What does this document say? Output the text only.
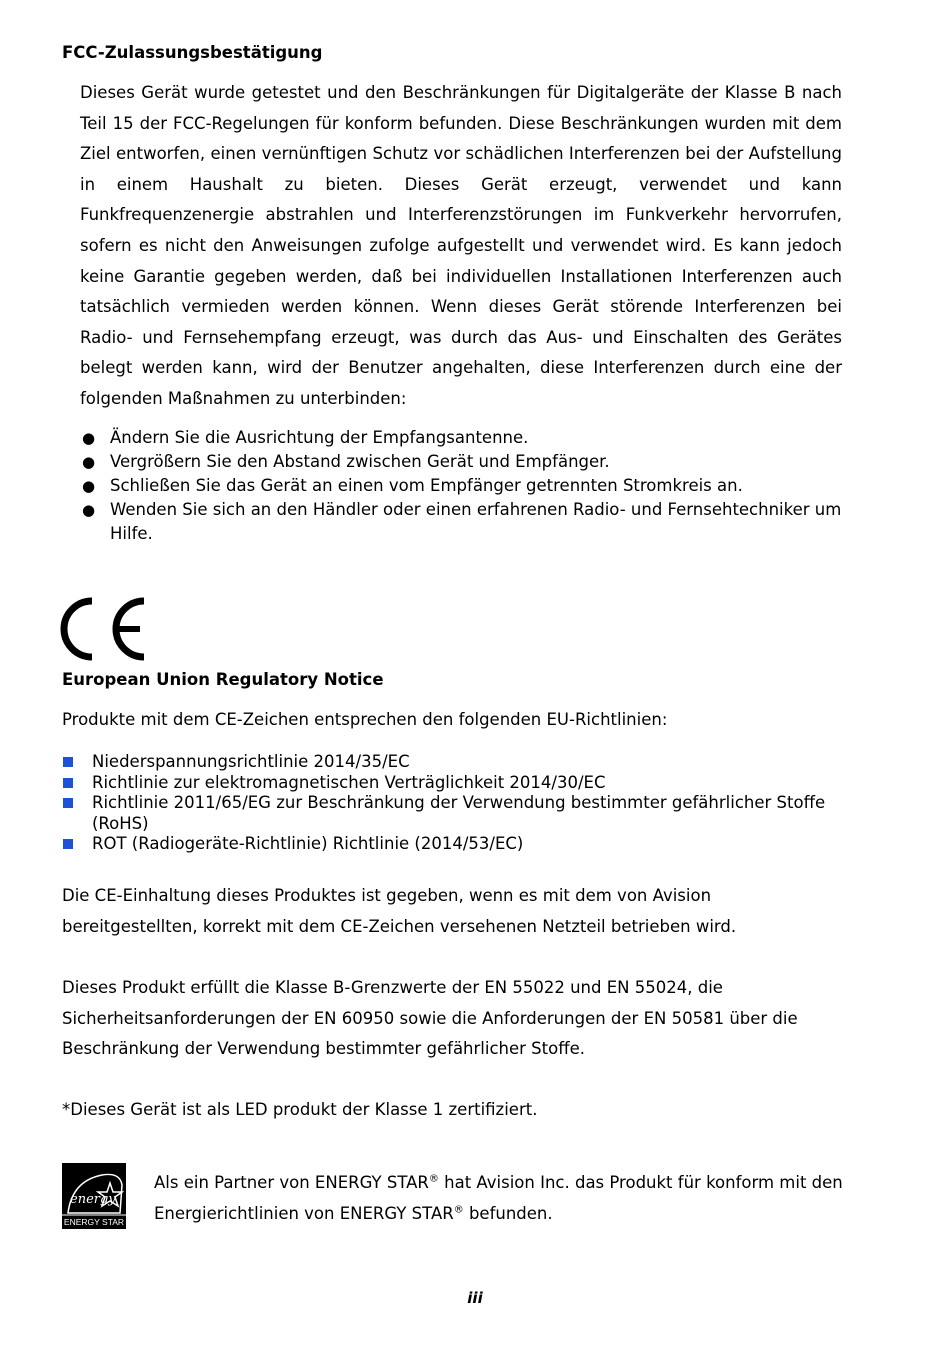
FCC-Zulassungsbestätigung
Dieses Gerät wurde getestet und den Beschränkungen für Digitalgeräte der Klasse B nach Teil 15 der FCC-Regelungen für konform befunden. Diese Beschränkungen wurden mit dem Ziel entworfen, einen vernünftigen Schutz vor schädlichen Interferenzen bei der Aufstellung in einem Haushalt zu bieten. Dieses Gerät erzeugt, verwendet und kann Funkfrequenzenergie abstrahlen und Interferenzstörungen im Funkverkehr hervorrufen, sofern es nicht den Anweisungen zufolge aufgestellt und verwendet wird. Es kann jedoch keine Garantie gegeben werden, daß bei individuellen Installationen Interferenzen auch tatsächlich vermieden werden können. Wenn dieses Gerät störende Interferenzen bei Radio- und Fernsehempfang erzeugt, was durch das Aus- und Einschalten des Gerätes belegt werden kann, wird der Benutzer angehalten, diese Interferenzen durch eine der folgenden Maßnahmen zu unterbinden:
● Ändern Sie die Ausrichtung der Empfangsantenne.
● Vergrößern Sie den Abstand zwischen Gerät und Empfänger.
● Schließen Sie das Gerät an einen vom Empfänger getrennten Stromkreis an.
● Wenden Sie sich an den Händler oder einen erfahrenen Radio- und Fernsehtechniker um Hilfe.
European Union Regulatory Notice
Produkte mit dem CE-Zeichen entsprechen den folgenden EU-Richtlinien:
Niederspannungsrichtlinie 2014/35/EC
Richtlinie zur elektromagnetischen Verträglichkeit 2014/30/EC
Richtlinie 2011/65/EG zur Beschränkung der Verwendung bestimmter gefährlicher Stoffe (RoHS)
ROT (Radiogeräte-Richtlinie) Richtlinie (2014/53/EC)
Die CE-Einhaltung dieses Produktes ist gegeben, wenn es mit dem von Avision bereitgestellten, korrekt mit dem CE-Zeichen versehenen Netzteil betrieben wird.
Dieses Produkt erfüllt die Klasse B-Grenzwerte der EN 55022 und EN 55024, die Sicherheitsanforderungen der EN 60950 sowie die Anforderungen der EN 50581 über die Beschränkung der Verwendung bestimmter gefährlicher Stoffe.
*Dieses Gerät ist als LED produkt der Klasse 1 zertifiziert.
energy
ENERGY STAR
Als ein Partner von ENERGY STAR® hat Avision Inc. das Produkt für konform mit den Energierichtlinien von ENERGY STAR® befunden.
iii
